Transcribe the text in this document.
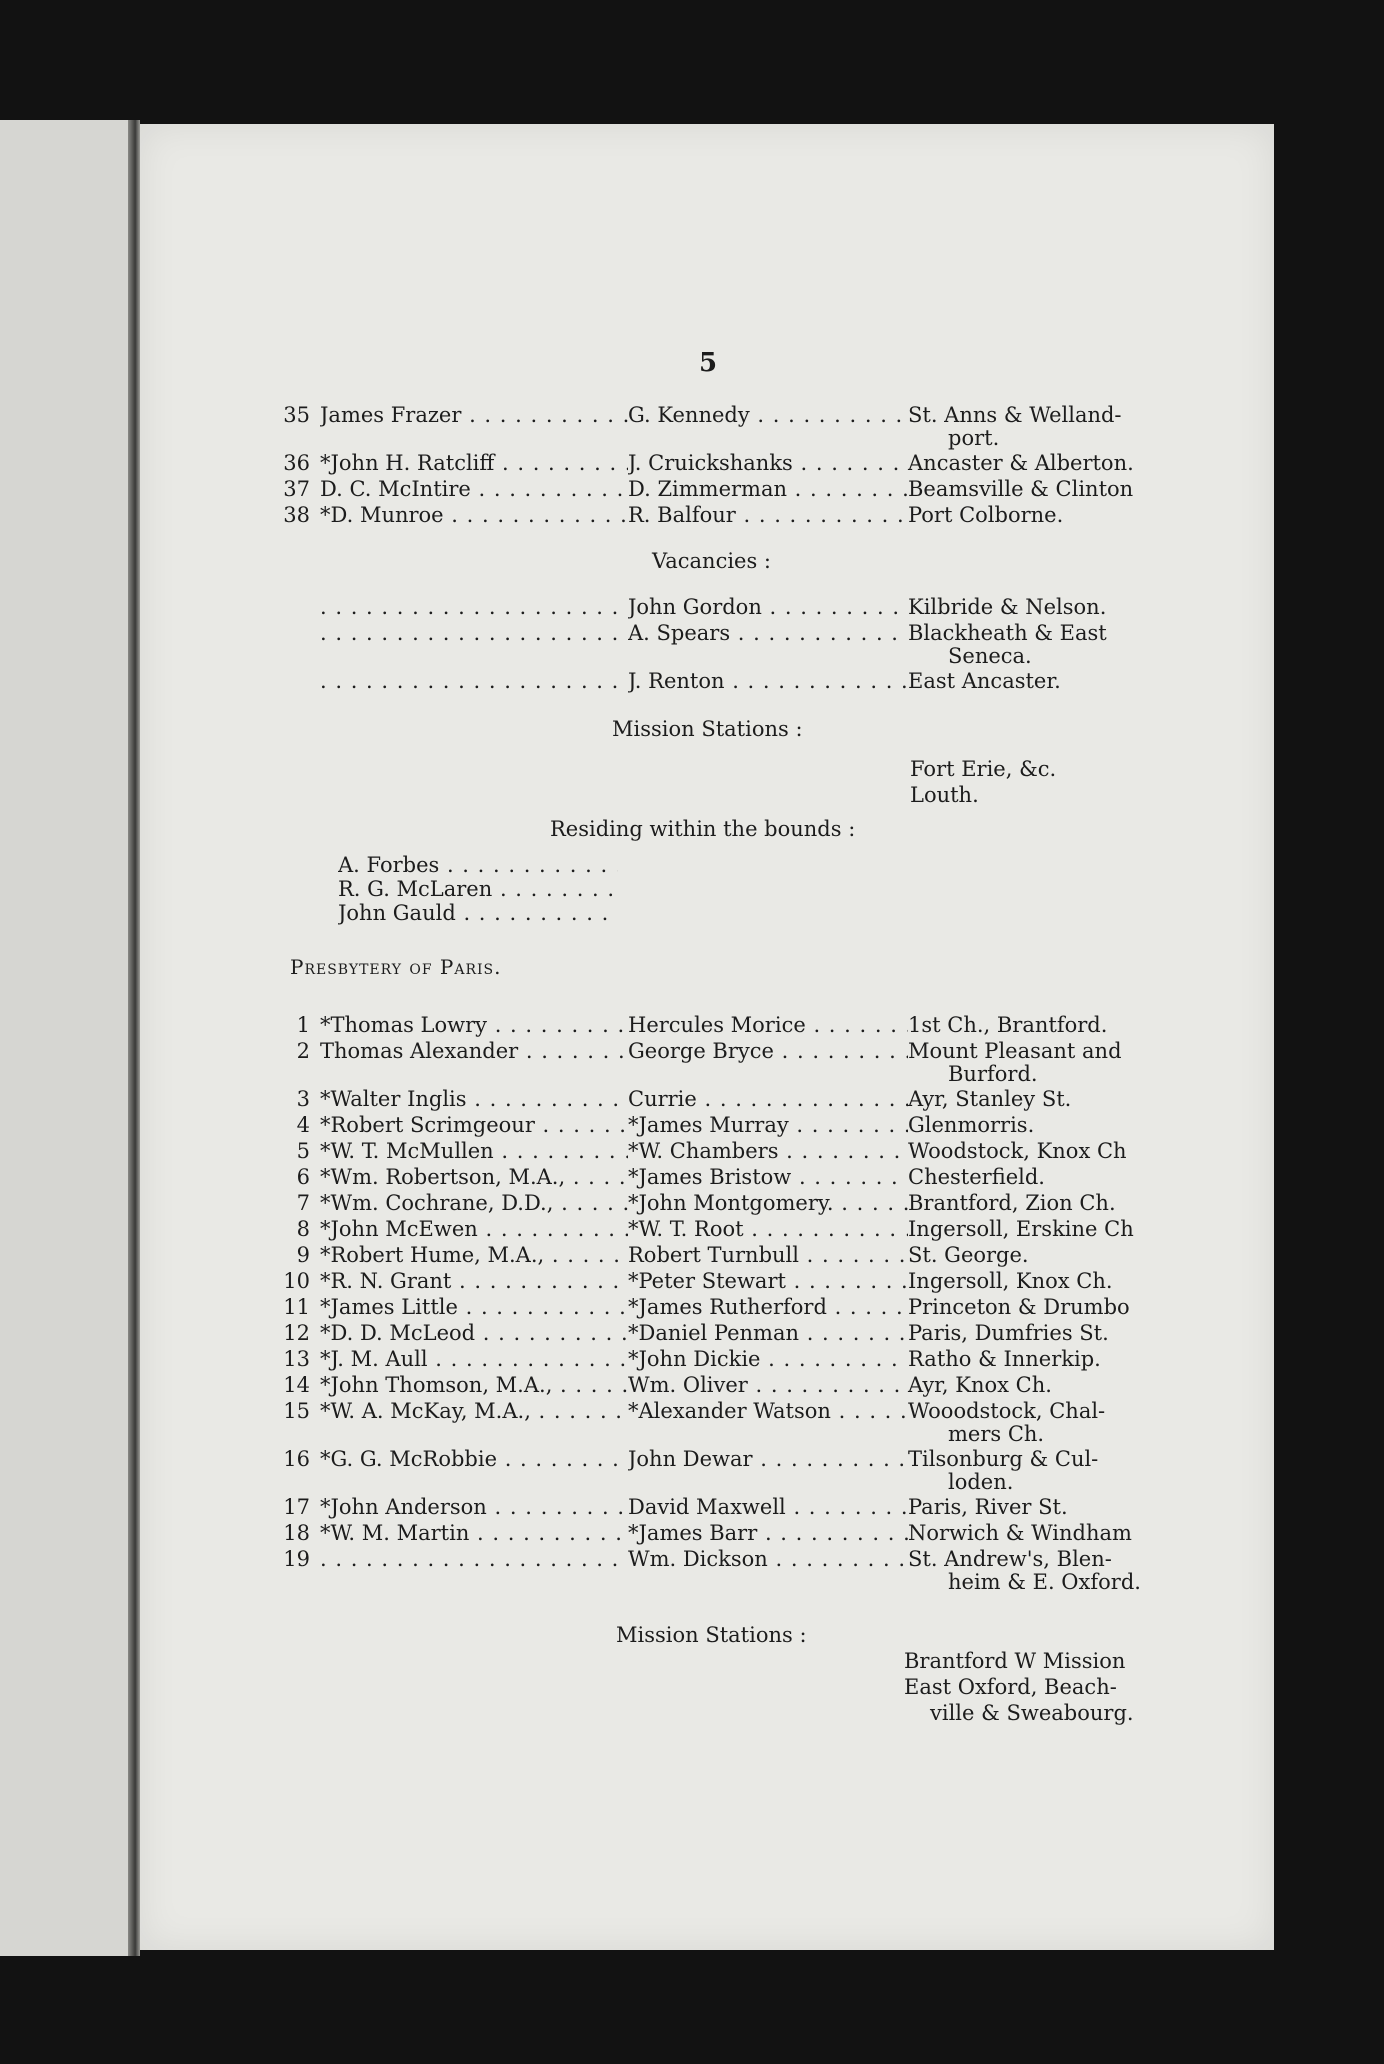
5
35 James Frazer . . .	G. Kennedy . . .	St. Anns & Welland-
port.
36 *John H. Ratcliff . . .	J. Cruickshanks . . .	Ancaster & Alberton.
37 D. C. McIntire . . .	D. Zimmerman . . .	Beamsville & Clinton
38 *D. Munroe . . .	R. Balfour . . .	Port Colborne.
Vacancies :
. . .
John Gordon . . .	Kilbride & Nelson.
. . .
A. Spears . . .	Blackheath & East
Seneca.
. . .
J. Renton . . .	East Ancaster.
Mission Stations :
Fort Erie, &c.
Louth.
Residing within the bounds :
A. Forbes . . .
R. G. McLaren . . .
John Gauld . . .
Presbytery of Paris.
1 *Thomas Lowry . . .	Hercules Morice . . .	1st Ch., Brantford.
2 Thomas Alexander . . .	George Bryce . . .	Mount Pleasant and
Burford.
3 *Walter Inglis . . .	Currie . . .	Ayr, Stanley St.
4 *Robert Scrimgeour . . .	*James Murray . . .	Glenmorris.
5 *W. T. McMullen . . .	*W. Chambers . . .	Woodstock, Knox Ch
6 *Wm. Robertson, M.A., . . .	*James Bristow . . .	Chesterfield.
7 *Wm. Cochrane, D.D., . . .	*John Montgomery. . . .	Brantford, Zion Ch.
8 *John McEwen . . .	*W. T. Root . . .	Ingersoll, Erskine Ch
9 *Robert Hume, M.A., . . .	Robert Turnbull . . .	St. George.
10 *R. N. Grant . . .	*Peter Stewart . . .	Ingersoll, Knox Ch.
11 *James Little . . .	*James Rutherford . . .	Princeton & Drumbo
12 *D. D. McLeod . . .	*Daniel Penman . . .	Paris, Dumfries St.
13 *J. M. Aull . . .	*John Dickie . . .	Ratho & Innerkip.
14 *John Thomson, M.A., . . .	Wm. Oliver . . .	Ayr, Knox Ch.
15 *W. A. McKay, M.A., . . .	*Alexander Watson . . .	Wooodstock, Chal-
mers Ch.
16 *G. G. McRobbie . . .	John Dewar . . .	Tilsonburg & Cul-
loden.
17 *John Anderson . . .	David Maxwell . . .	Paris, River St.
18 *W. M. Martin . . .	*James Barr . . .	Norwich & Windham
19
. . .	Wm. Dickson . . .	St. Andrew's, Blen-
heim & E. Oxford.
Mission Stations :
Brantford W Mission
East Oxford, Beach-
ville & Sweabourg.
